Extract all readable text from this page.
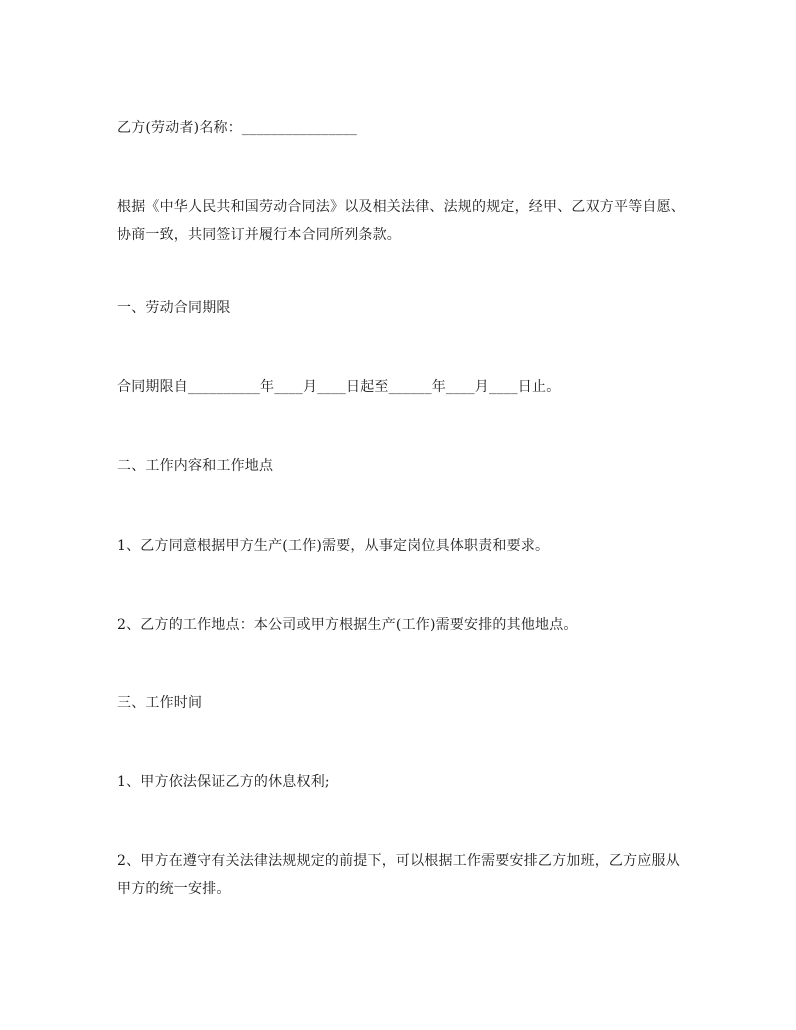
乙方(劳动者)名称：________________
根据《中华人民共和国劳动合同法》以及相关法律、法规的规定，经甲、乙双方平等自愿、协商一致，共同签订并履行本合同所列条款。
一、劳动合同期限
合同期限自__________年____月____日起至______年____月____日止。
二、工作内容和工作地点
1、乙方同意根据甲方生产(工作)需要，从事定岗位具体职责和要求。
2、乙方的工作地点：本公司或甲方根据生产(工作)需要安排的其他地点。
三、工作时间
1、甲方依法保证乙方的休息权利;
2、甲方在遵守有关法律法规规定的前提下，可以根据工作需要安排乙方加班，乙方应服从甲方的统一安排。
